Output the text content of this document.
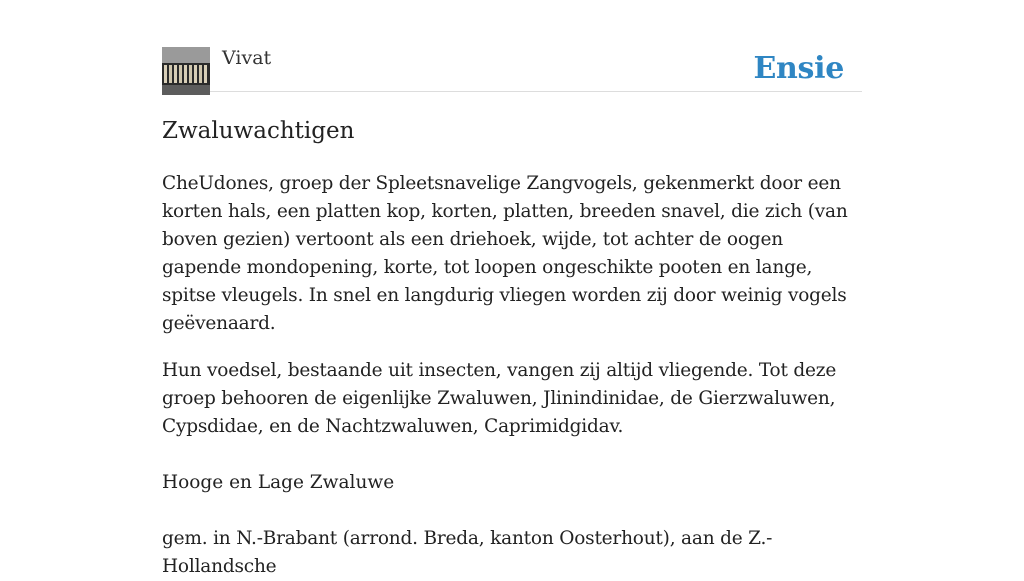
Vivat	Ensie
Zwaluwachtigen

CheUdones, groep der Spleetsnavelige Zangvogels, gekenmerkt door een korten hals, een platten kop, korten, platten, breeden snavel, die zich (van boven gezien) vertoont als een driehoek, wijde, tot achter de oogen gapende mondopening, korte, tot loopen ongeschikte pooten en lange, spitse vleugels. In snel en langdurig vliegen worden zij door weinig vogels geëvenaard.

Hun voedsel, bestaande uit insecten, vangen zij altijd vliegende. Tot deze groep behooren de eigenlijke Zwaluwen, Jlinindinidae, de Gierzwaluwen, Cypsdidae, en de Nachtzwaluwen, Caprimidgidav.

Hooge en Lage Zwaluwe

gem. in N.-Brabant (arrond. Breda, kanton Oosterhout), aan de Z.-Hollandsche
